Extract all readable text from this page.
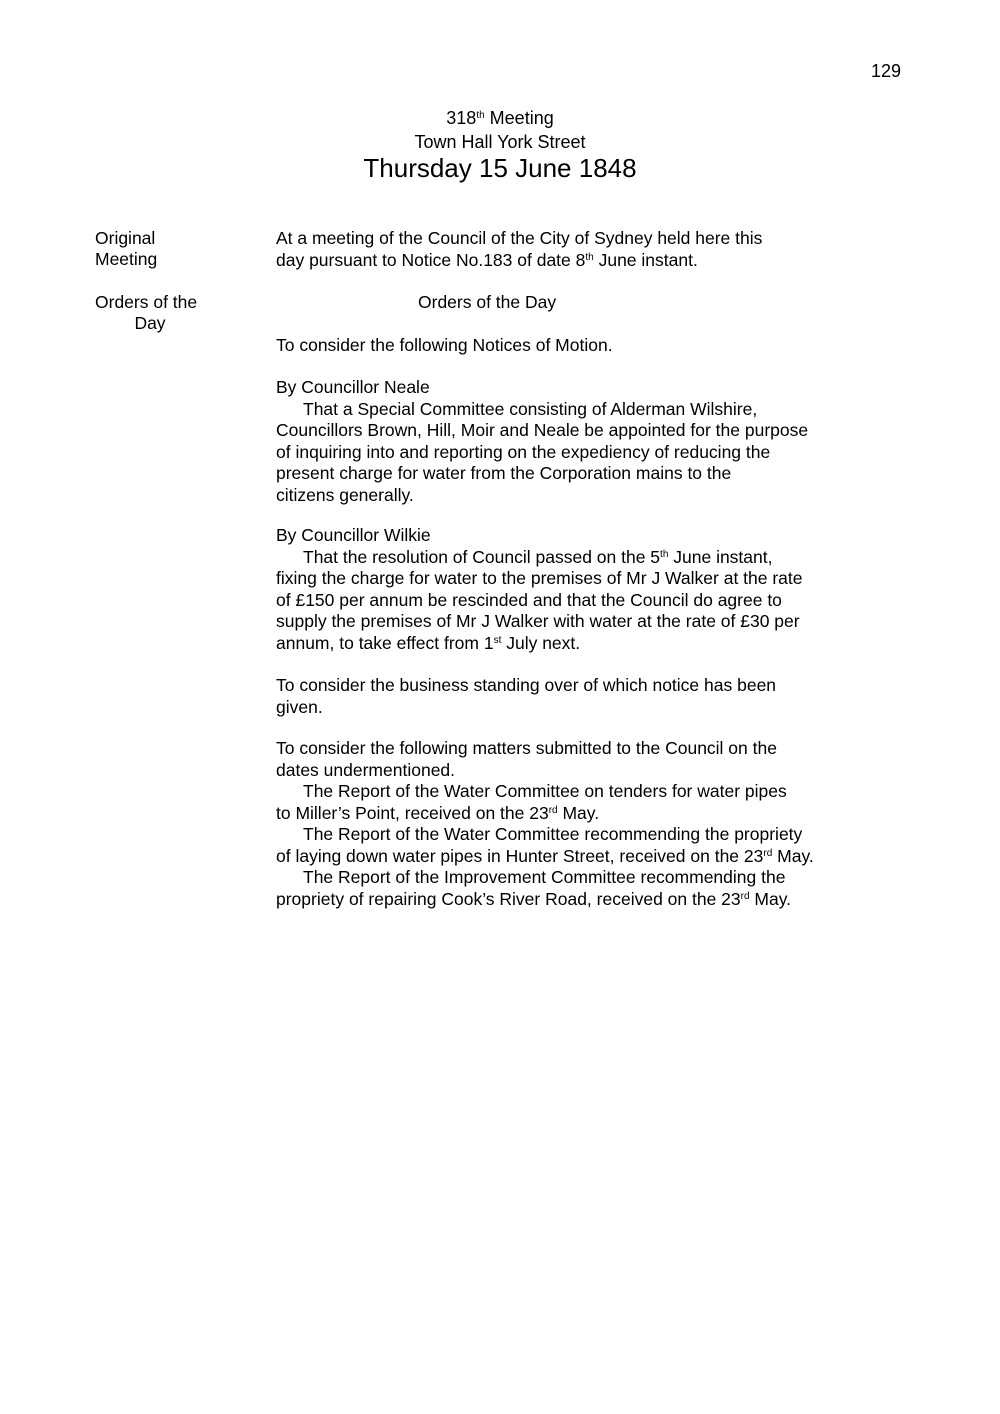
129
318th Meeting
Town Hall York Street
Thursday 15 June 1848
Original
Meeting
Orders of the
Day
At a meeting of the Council of the City of Sydney held here this
day pursuant to Notice No.183 of date 8th June instant.
Orders of the Day
To consider the following Notices of Motion.
By Councillor Neale
That a Special Committee consisting of Alderman Wilshire,
Councillors Brown, Hill, Moir and Neale be appointed for the purpose
of inquiring into and reporting on the expediency of reducing the
present charge for water from the Corporation mains to the
citizens generally.
By Councillor Wilkie
That the resolution of Council passed on the 5th June instant,
fixing the charge for water to the premises of Mr J Walker at the rate
of £150 per annum be rescinded and that the Council do agree to
supply the premises of Mr J Walker with water at the rate of £30 per
annum, to take effect from 1st July next.
To consider the business standing over of which notice has been
given.
To consider the following matters submitted to the Council on the
dates undermentioned.
The Report of the Water Committee on tenders for water pipes
to Miller’s Point, received on the 23rd May.
The Report of the Water Committee recommending the propriety
of laying down water pipes in Hunter Street, received on the 23rd May.
The Report of the Improvement Committee recommending the
propriety of repairing Cook’s River Road, received on the 23rd May.
